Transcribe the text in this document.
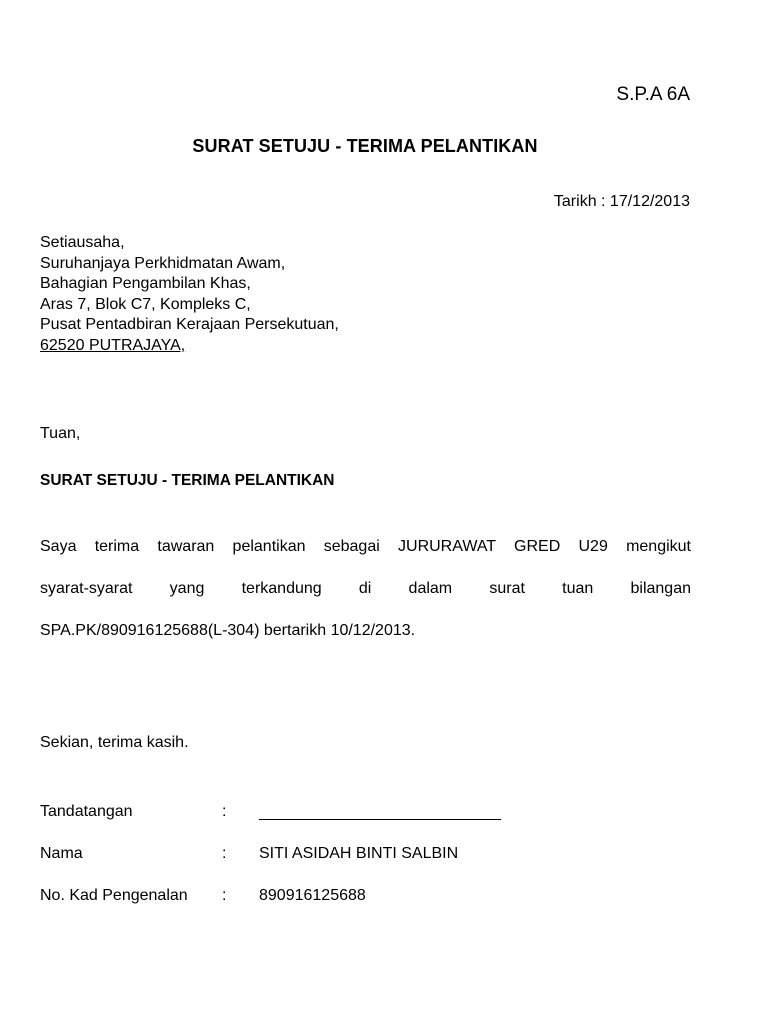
S.P.A 6A
SURAT SETUJU - TERIMA PELANTIKAN
Tarikh : 17/12/2013
Setiausaha,
Suruhanjaya Perkhidmatan Awam,
Bahagian Pengambilan Khas,
Aras 7, Blok C7, Kompleks C,
Pusat Pentadbiran Kerajaan Persekutuan,
62520 PUTRAJAYA,
Tuan,
SURAT SETUJU - TERIMA PELANTIKAN
Saya terima tawaran pelantikan sebagai JURURAWAT GRED U29 mengikut
syarat-syarat yang terkandung di dalam surat tuan bilangan
SPA.PK/890916125688(L-304) bertarikh 10/12/2013.
Sekian, terima kasih.
Tandatangan	:
Nama	: SITI ASIDAH BINTI SALBIN
No. Kad Pengenalan : 890916125688
